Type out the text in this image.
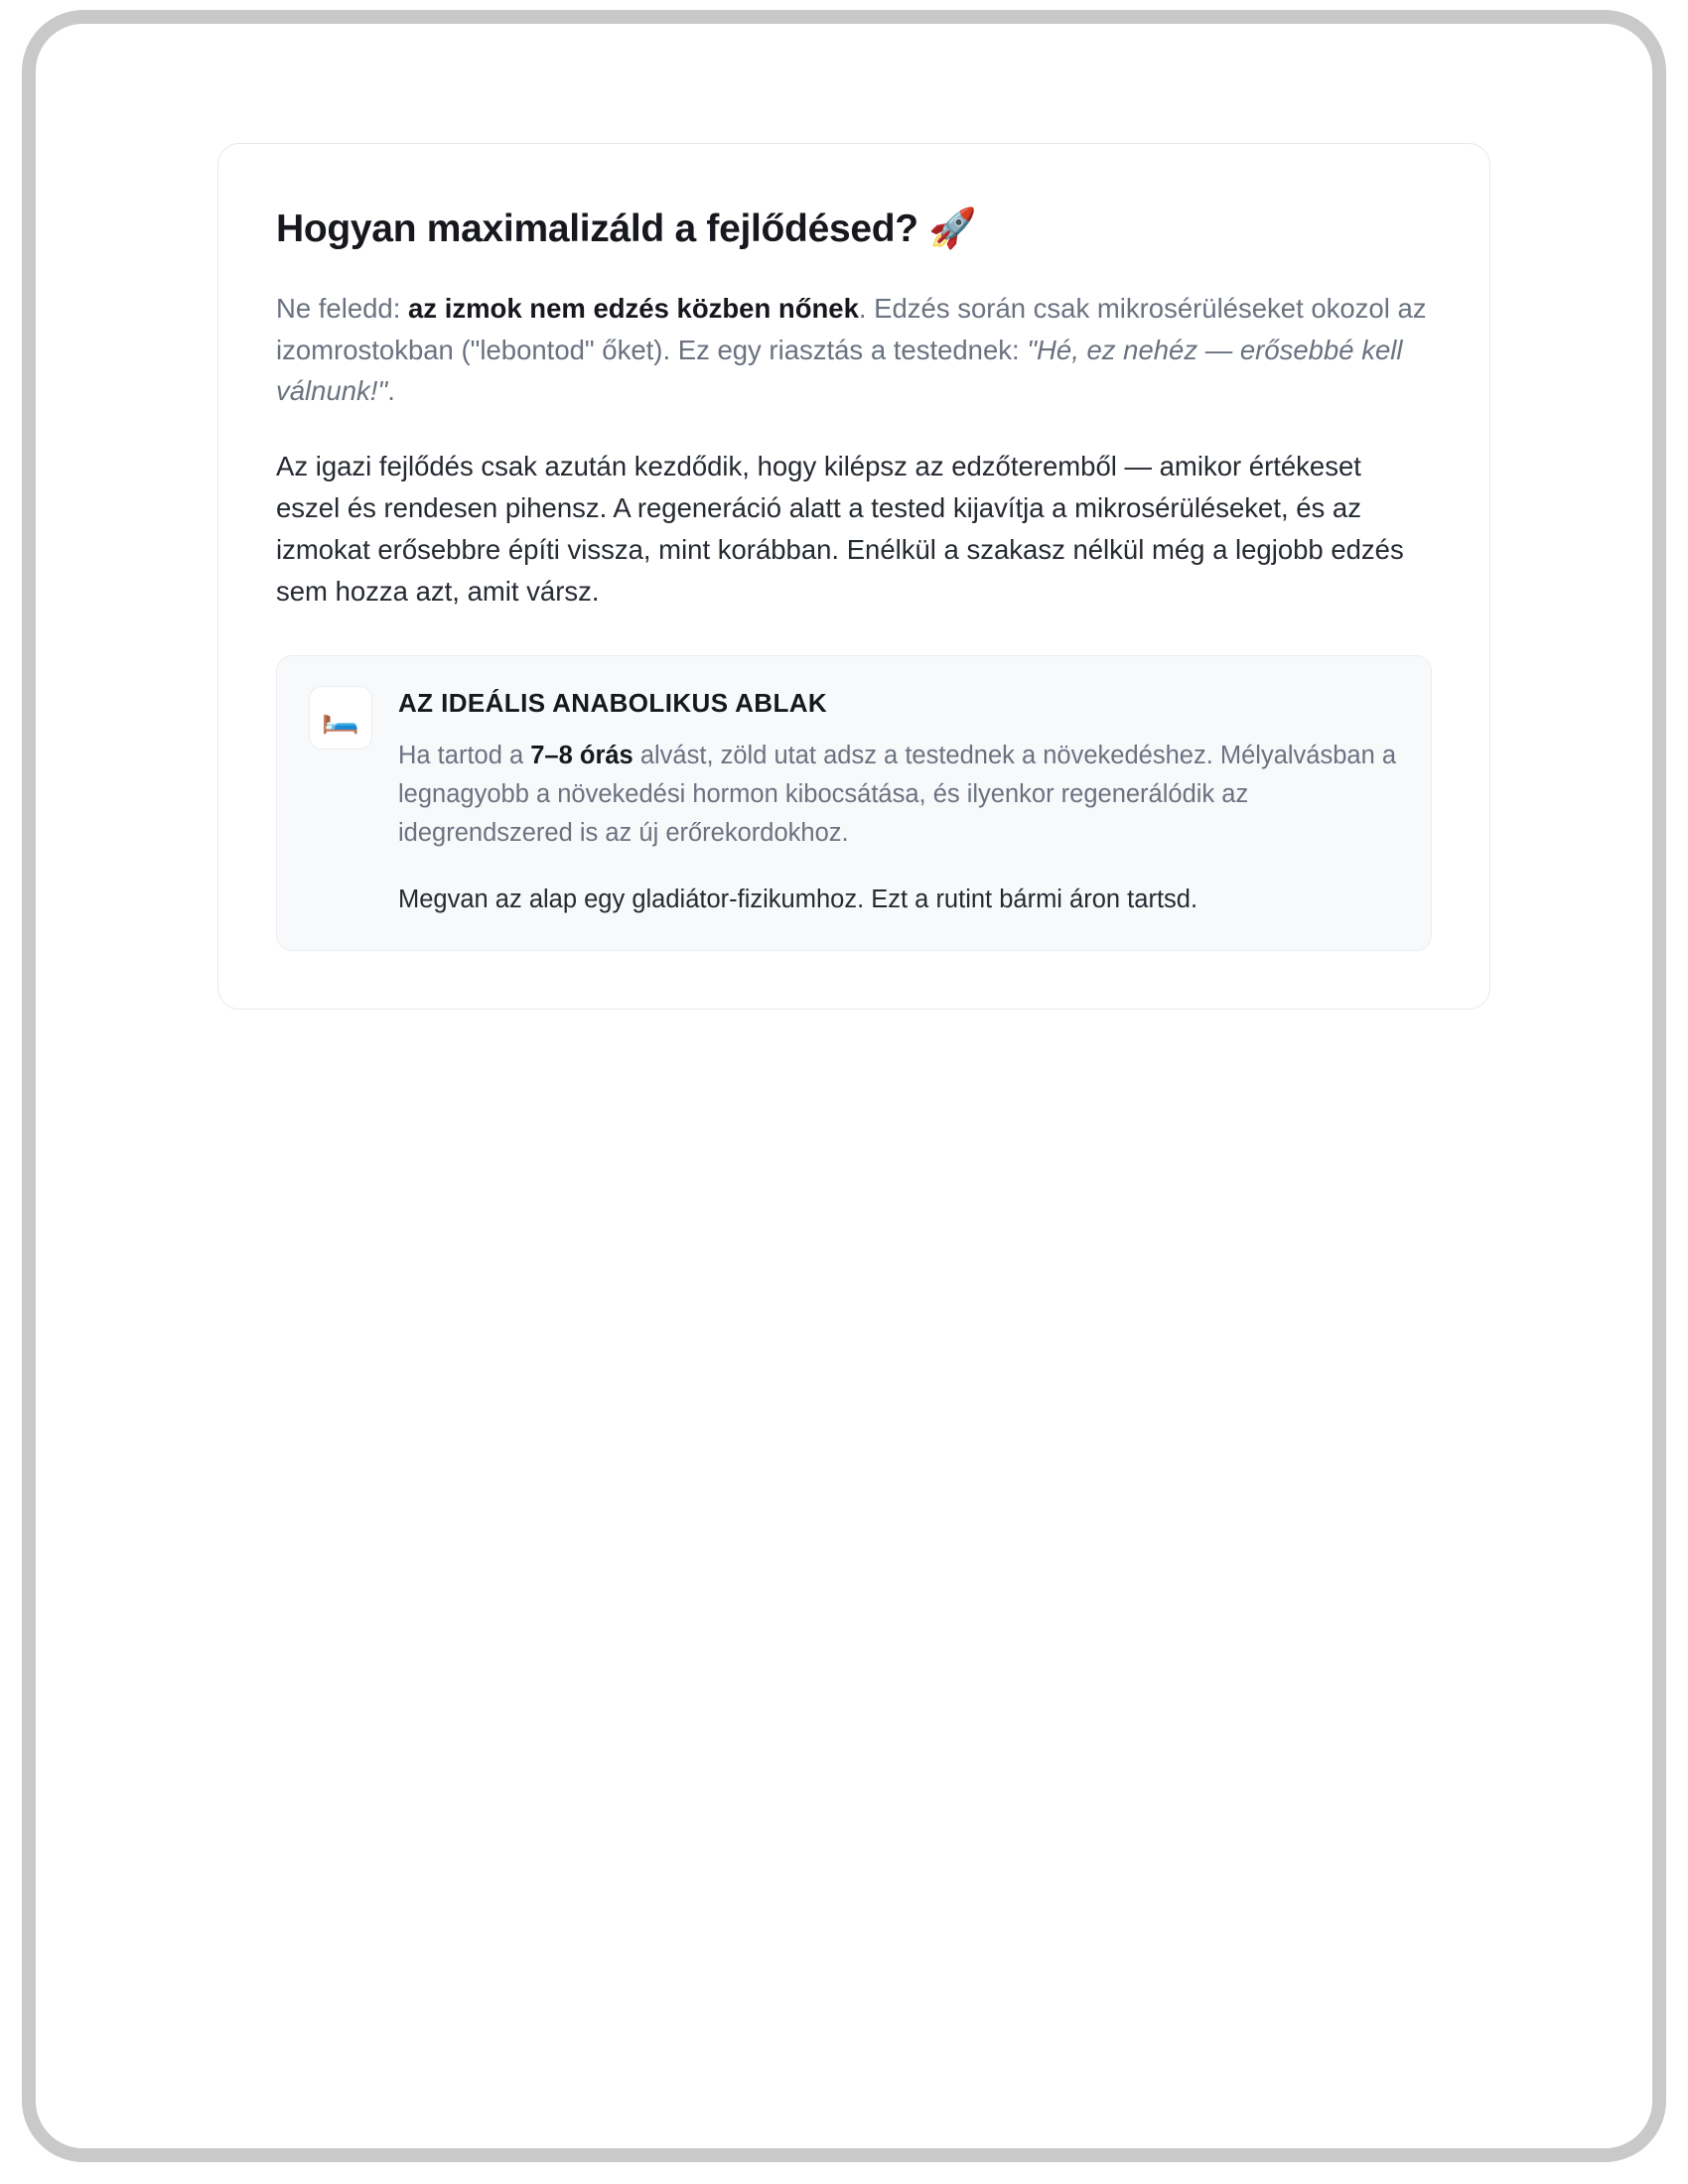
Hogyan maximalizáld a fejlődésed? 🚀

Ne feledd: az izmok nem edzés közben nőnek. Edzés során csak mikrosérüléseket okozol az izomrostokban ("lebontod" őket). Ez egy riasztás a testednek: "Hé, ez nehéz — erősebbé kell válnunk!".

Az igazi fejlődés csak azután kezdődik, hogy kilépsz az edzőteremből — amikor értékeset eszel és rendesen pihensz. A regeneráció alatt a tested kijavítja a mikrosérüléseket, és az izmokat erősebbre építi vissza, mint korábban. Enélkül a szakasz nélkül még a legjobb edzés sem hozza azt, amit vársz.

🛏️	AZ IDEÁLIS ANABOLIKUS ABLAK

Ha tartod a 7–8 órás alvást, zöld utat adsz a testednek a növekedéshez. Mélyalvásban a legnagyobb a növekedési hormon kibocsátása, és ilyenkor regenerálódik az idegrendszered is az új erőrekordokhoz.

Megvan az alap egy gladiátor-fizikumhoz. Ezt a rutint bármi áron tartsd.
